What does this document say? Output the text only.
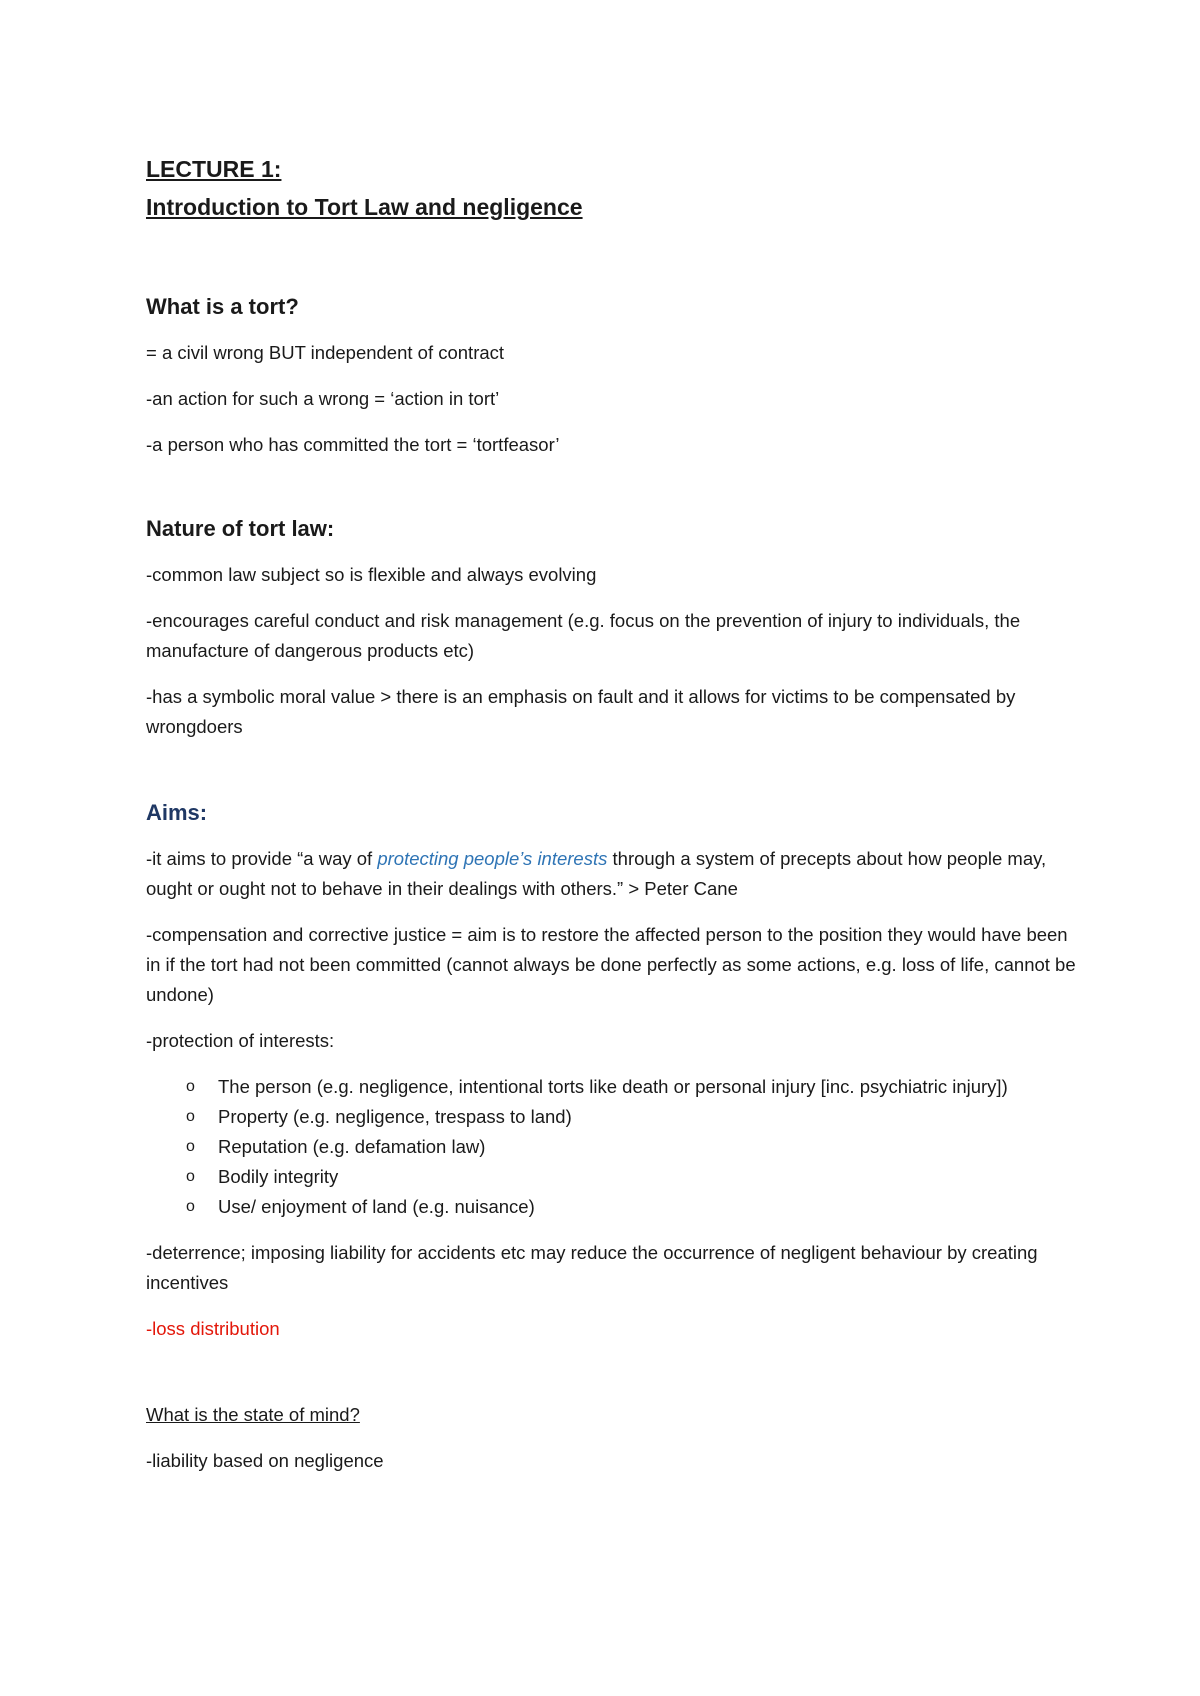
LECTURE 1:
Introduction to Tort Law and negligence
What is a tort?
= a civil wrong BUT independent of contract
-an action for such a wrong = ‘action in tort’
-a person who has committed the tort = ‘tortfeasor’
Nature of tort law:
-common law subject so is flexible and always evolving
-encourages careful conduct and risk management (e.g. focus on the prevention of injury to individuals, the manufacture of dangerous products etc)
-has a symbolic moral value > there is an emphasis on fault and it allows for victims to be compensated by wrongdoers
Aims:
-it aims to provide “a way of protecting people’s interests through a system of precepts about how people may, ought or ought not to behave in their dealings with others.” > Peter Cane
-compensation and corrective justice = aim is to restore the affected person to the position they would have been in if the tort had not been committed (cannot always be done perfectly as some actions, e.g. loss of life, cannot be undone)
-protection of interests:
o The person (e.g. negligence, intentional torts like death or personal injury [inc. psychiatric injury])
o Property (e.g. negligence, trespass to land)
o Reputation (e.g. defamation law)
o Bodily integrity
o Use/ enjoyment of land (e.g. nuisance)
-deterrence; imposing liability for accidents etc may reduce the occurrence of negligent behaviour by creating incentives
-loss distribution
What is the state of mind?
-liability based on negligence
